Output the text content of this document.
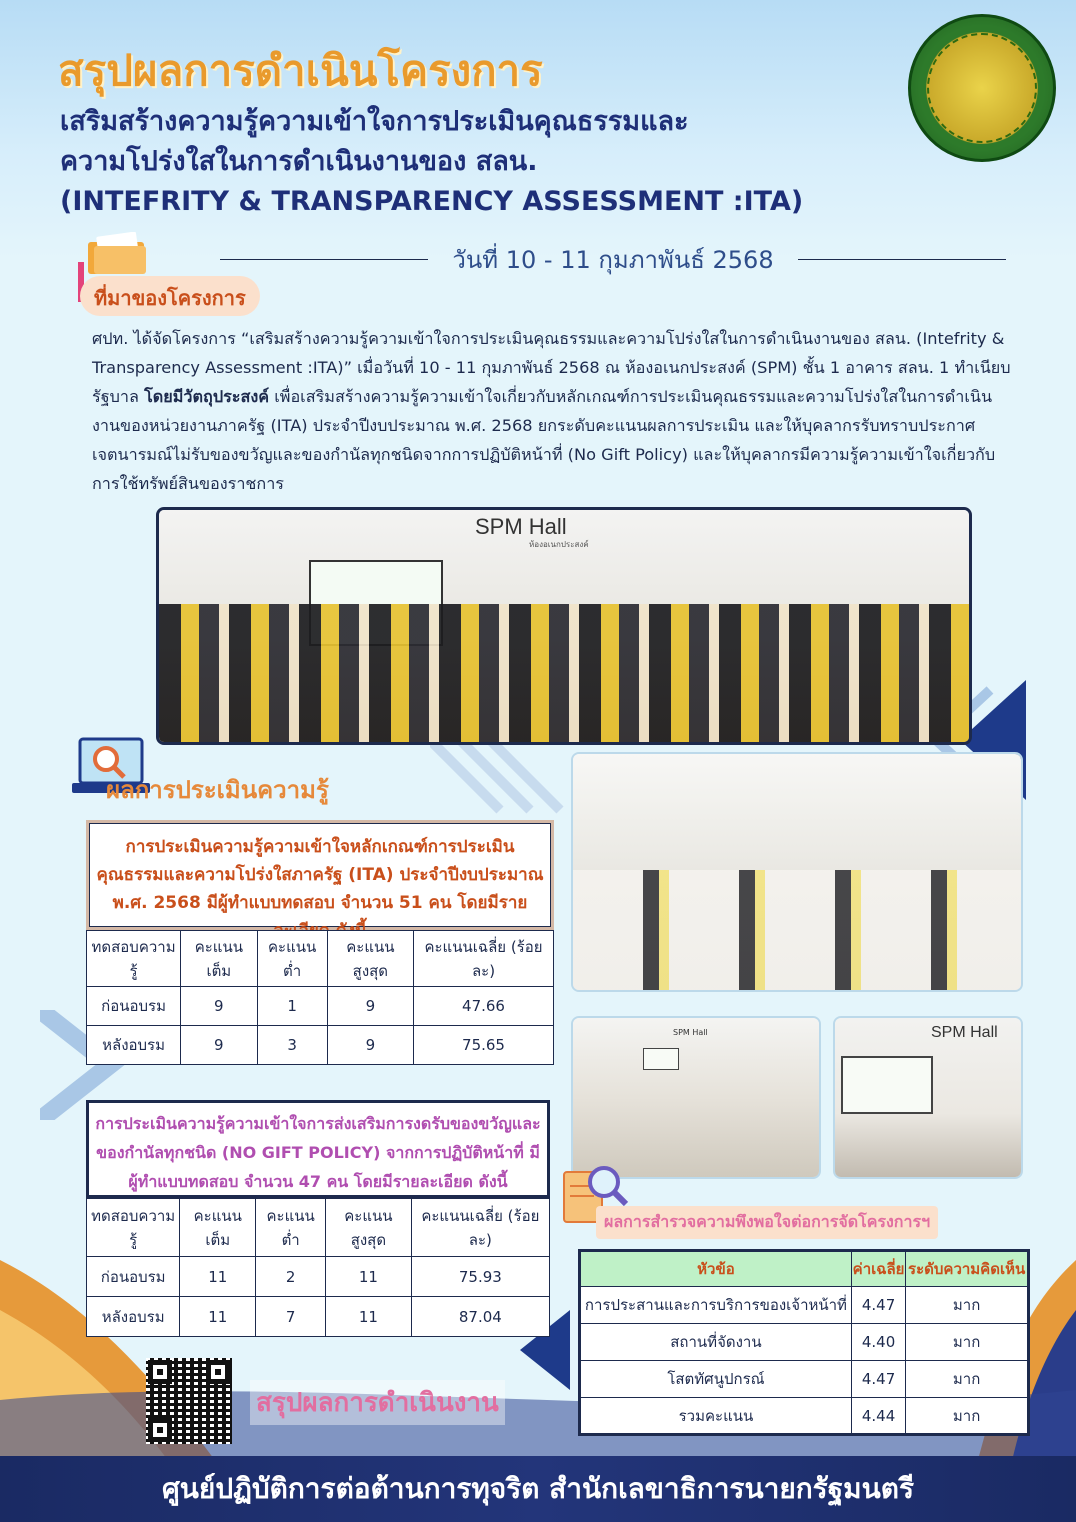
สรุปผลการดำเนินโครงการ
เสริมสร้างความรู้ความเข้าใจการประเมินคุณธรรมและ
ความโปร่งใสในการดำเนินงานของ สลน.
(INTEFRITY & TRANSPARENCY ASSESSMENT :ITA)
วันที่ 10 - 11 กุมภาพันธ์ 2568
ที่มาของโครงการ
ศปท. ได้จัดโครงการ “เสริมสร้างความรู้ความเข้าใจการประเมินคุณธรรมและความโปร่งใสในการดำเนินงานของ สลน. (Intefrity & Transparency Assessment :ITA)” เมื่อวันที่ 10 - 11 กุมภาพันธ์ 2568 ณ ห้องอเนกประสงค์ (SPM) ชั้น 1 อาคาร สลน. 1 ทำเนียบรัฐบาล โดยมีวัตถุประสงค์ เพื่อเสริมสร้างความรู้ความเข้าใจเกี่ยวกับหลักเกณฑ์การประเมินคุณธรรมและความโปร่งใสในการดำเนินงานของหน่วยงานภาครัฐ (ITA) ประจำปีงบประมาณ พ.ศ. 2568 ยกระดับคะแนนผลการประเมิน และให้บุคลากรรับทราบประกาศเจตนารมณ์ไม่รับของขวัญและของกำนัลทุกชนิดจากการปฏิบัติหน้าที่ (No Gift Policy) และให้บุคลากรมีความรู้ความเข้าใจเกี่ยวกับการใช้ทรัพย์สินของราชการ
SPM Hall
ห้องอเนกประสงค์
ผลการประเมินความรู้
การประเมินความรู้ความเข้าใจหลักเกณฑ์การประเมินคุณธรรมและความโปร่งใสภาครัฐ (ITA) ประจำปีงบประมาณ พ.ศ. 2568 มีผู้ทำแบบทดสอบ จำนวน 51 คน โดยมีราย
ทดสอบความรู้	คะแนนเต็ม	คะแนนต่ำ	คะแนนสูงสุด	คะแนนเฉลี่ย (ร้อยละ)
ก่อนอบรม	9	1	9	47.66
หลังอบรม	9	3	9	75.65
SPM Hall	SPM Hall
การประเมินความรู้ความเข้าใจการส่งเสริมการงดรับของขวัญและของกำนัลทุกชนิด (NO GIFT POLICY) จากการปฏิบัติหน้าที่ มีผู้ทำแบบทดสอบ จำนวน 47 คน โดยมีรายละเอียด ดังนี้
ทดสอบความรู้	คะแนนเต็ม	คะแนนต่ำ	คะแนนสูงสุด	คะแนนเฉลี่ย (ร้อยละ)
ก่อนอบรม	11	2	11	75.93
หลังอบรม	11	7	11	87.04
ผลการสำรวจความพึงพอใจต่อการจัดโครงการฯ
หัวข้อ	ค่าเฉลี่ย	ระดับความคิดเห็น
การประสานและการบริการของเจ้าหน้าที่	4.47	มาก
สถานที่จัดงาน	4.40	มาก
โสตทัศนูปกรณ์	4.47	มาก
รวมคะแนน	4.44	มาก
สรุปผลการดำเนินงาน
ศูนย์ปฏิบัติการต่อต้านการทุจริต สำนักเลขาธิการนายกรัฐมนตรี
